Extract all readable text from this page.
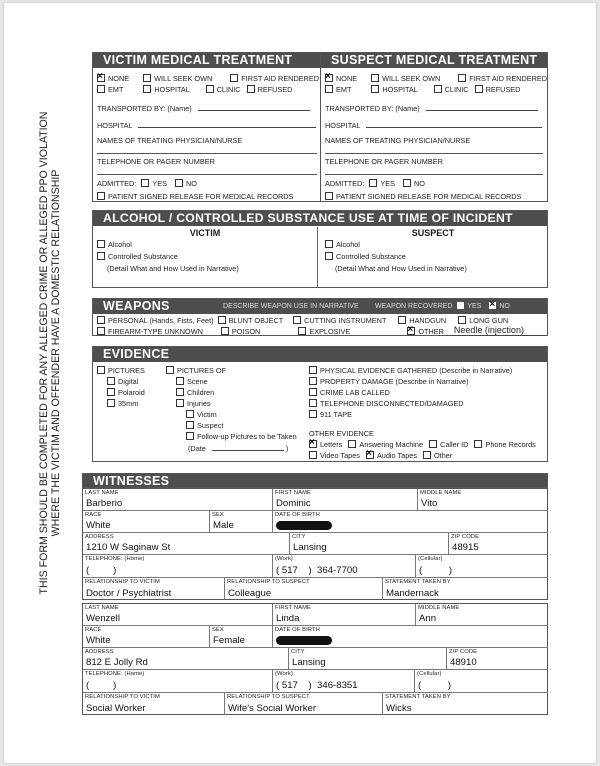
THIS FORM SHOULD BE COMPLETED FOR ANY ALLEGED CRIME OR ALLEGED PPO VIOLATION WHERE THE VICTIM AND OFFENDER HAVE A DOMESTIC RELATIONSHIP
VICTIM MEDICAL TREATMENT
×NONE	WILL SEEK OWN	FIRST AID RENDERED
EMT	HOSPITAL	CLINIC REFUSED
TRANSPORTED BY: (Name)
HOSPITAL
NAMES OF TREATING PHYSICIAN/NURSE
TELEPHONE OR PAGER NUMBER
ADMITTED: YES	NO
PATIENT SIGNED RELEASE FOR MEDICAL RECORDS
SUSPECT MEDICAL TREATMENT
×NONE	WILL SEEK OWN	FIRST AID RENDERED
EMT	HOSPITAL	CLINIC REFUSED
TRANSPORTED BY: (Name)
HOSPITAL
NAMES OF TREATING PHYSICIAN/NURSE
TELEPHONE OR PAGER NUMBER
ADMITTED: YES	NO
PATIENT SIGNED RELEASE FOR MEDICAL RECORDS
ALCOHOL / CONTROLLED SUBSTANCE USE AT TIME OF INCIDENT
VICTIM
Alcohol
Controlled Substance
(Detail What and How Used in Narrative)
SUSPECT
Alcohol
Controlled Substance
(Detail What and How Used in Narrative)
WEAPONS	DESCRIBE WEAPON USE IN NARRATIVE WEAPON RECOVERED YES ×	NO
PERSONAL (Hands, Fists, Feet) BLUNT OBJECT	CUTTING INSTRUMENT	HANDGUN	LONG GUN
FIREARM-TYPE UNKNOWN	POISON	EXPLOSIVE ×	OTHER Needle (injection)
EVIDENCE
PICTURES
Digital
Polaroid
35mm
PICTURES OF
Scene
Children
Injuries
Victim
Suspect
Follow-up Pictures to be Taken
(Date	)
PHYSICAL EVIDENCE GATHERED (Describe in Narrative)
PROPERTY DAMAGE (Describe in Narrative)
CRIME LAB CALLED
TELEPHONE DISCONNECTED/DAMAGED
911 TAPE
OTHER EVIDENCE
×Letters Answering Machine Caller ID Phone Records
Video Tapes × Audio Tapes Other
WITNESSES
LAST NAME
Barberio
FIRST NAME
Dominic
MIDDLE NAME
Vito
RACE
White
SEX
Male
DATE OF BIRTH
ADDRESS
1210 W Saginaw St
CITY
Lansing
ZIP CODE
48915
TELEPHONE: (Home)
(         )
(Work)
( 517    )  364-7700
(Cellular)
(          )
RELATIONSHIP TO VICTIM
Doctor / Psychiatrist
RELATIONSHIP TO SUSPECT
Colleague
STATEMENT TAKEN BY
Mandernack
LAST NAME
Wenzell
FIRST NAME
Linda
MIDDLE NAME
Ann
RACE
White
SEX
Female
DATE OF BIRTH
ADDRESS
812 E Jolly Rd
CITY
Lansing
ZIP CODE
48910
TELEPHONE: (Home)
(         )
(Work)
( 517    )  346-8351
(Cellular)
(          )
RELATIONSHIP TO VICTIM
Social Worker
RELATIONSHIP TO SUSPECT
Wife's Social Worker
STATEMENT TAKEN BY
Wicks
